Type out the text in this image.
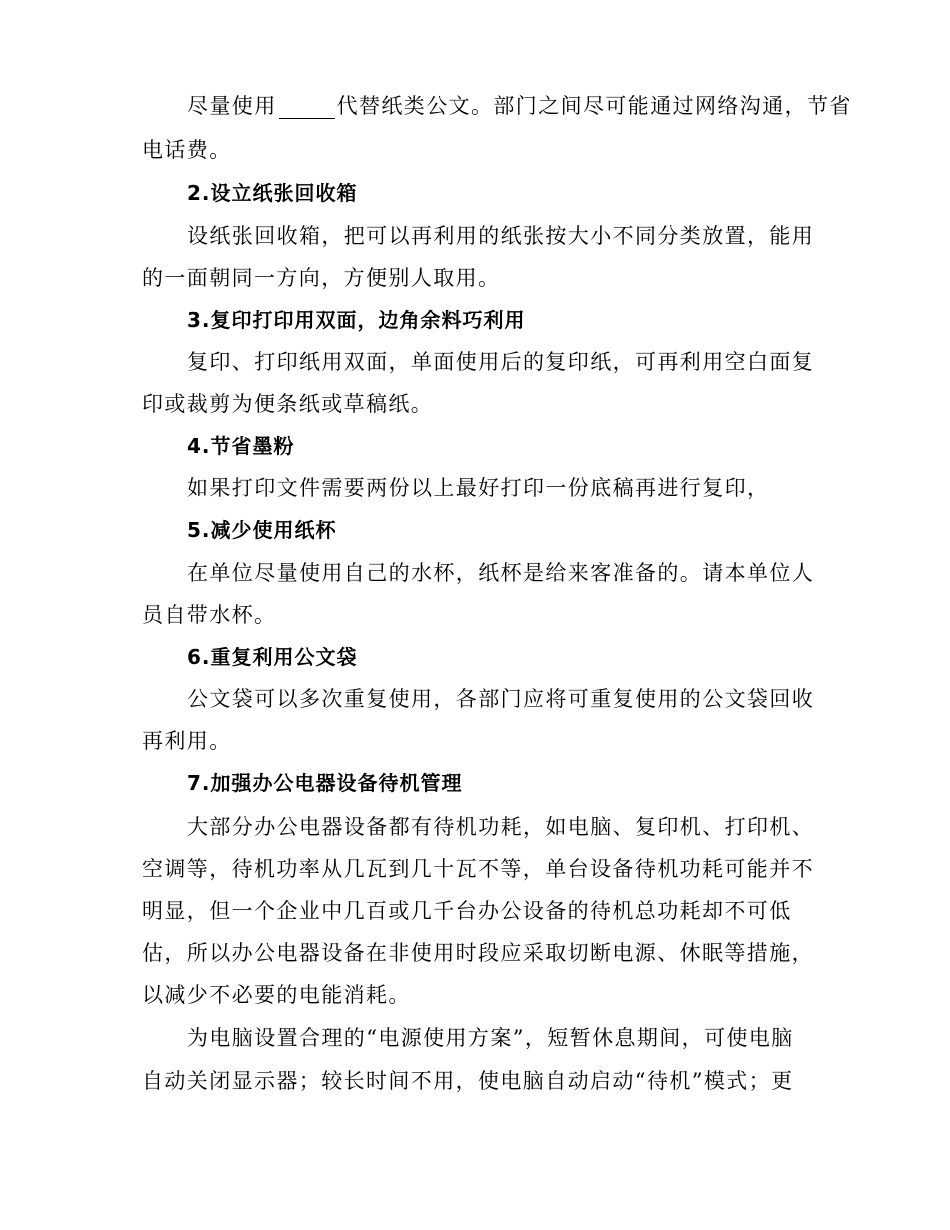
尽量使用	代替纸类公文。部门之间尽可能通过网络沟通，节省
电话费。
2.设立纸张回收箱
设纸张回收箱，把可以再利用的纸张按大小不同分类放置，能用
的一面朝同一方向，方便别人取用。
3.复印打印用双面，边角余料巧利用
复印、打印纸用双面，单面使用后的复印纸，可再利用空白面复
印或裁剪为便条纸或草稿纸。
4.节省墨粉
如果打印文件需要两份以上最好打印一份底稿再进行复印，
5.减少使用纸杯
在单位尽量使用自己的水杯，纸杯是给来客准备的。请本单位人
员自带水杯。
6.重复利用公文袋
公文袋可以多次重复使用，各部门应将可重复使用的公文袋回收
再利用。
7.加强办公电器设备待机管理
大部分办公电器设备都有待机功耗，如电脑、复印机、打印机、
空调等，待机功率从几瓦到几十瓦不等，单台设备待机功耗可能并不
明显，但一个企业中几百或几千台办公设备的待机总功耗却不可低
估，所以办公电器设备在非使用时段应采取切断电源、休眠等措施，
以减少不必要的电能消耗。
为电脑设置合理的“电源使用方案”，短暂休息期间，可使电脑
自动关闭显示器；较长时间不用，使电脑自动启动“待机”模式；更
